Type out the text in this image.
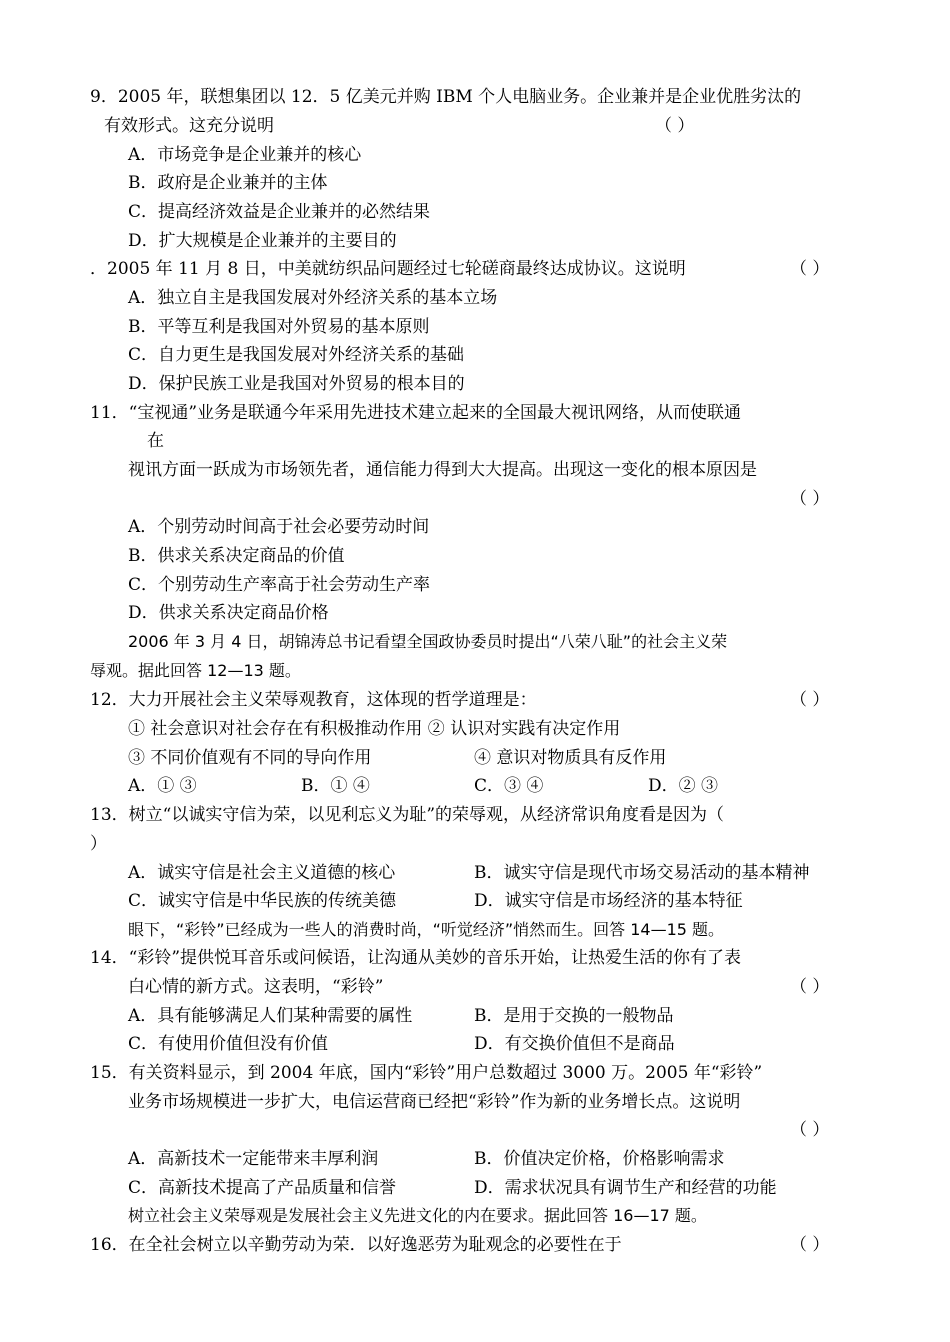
9．2005 年，联想集团以 12．5 亿美元并购 IBM 个人电脑业务。企业兼并是企业优胜劣汰的
有效形式。这充分说明	（ ）
A．市场竞争是企业兼并的核心
B．政府是企业兼并的主体
C．提高经济效益是企业兼并的必然结果
D．扩大规模是企业兼并的主要目的
．2005 年 11 月 8 日，中美就纺织品问题经过七轮磋商最终达成协议。这说明	（ ）
A．独立自主是我国发展对外经济关系的基本立场
B．平等互利是我国对外贸易的基本原则
C．自力更生是我国发展对外经济关系的基础
D．保护民族工业是我国对外贸易的根本目的
11．“宝视通”业务是联通今年采用先进技术建立起来的全国最大视讯网络，从而使联通
在
视讯方面一跃成为市场领先者，通信能力得到大大提高。出现这一变化的根本原因是
（ ）
A．个别劳动时间高于社会必要劳动时间
B．供求关系决定商品的价值
C．个别劳动生产率高于社会劳动生产率
D．供求关系决定商品价格
2006 年 3 月 4 日，胡锦涛总书记看望全国政协委员时提出“八荣八耻”的社会主义荣
辱观。据此回答 12—13 题。
12．大力开展社会主义荣辱观教育，这体现的哲学道理是：	（ ）
① 社会意识对社会存在有积极推动作用 ② 认识对实践有决定作用
③ 不同价值观有不同的导向作用	④ 意识对物质具有反作用
A．① ③	B．① ④	C．③ ④	D．② ③
13．树立“以诚实守信为荣，以见利忘义为耻”的荣辱观，从经济常识角度看是因为（
）
A．诚实守信是社会主义道德的核心	B．诚实守信是现代市场交易活动的基本精神
C．诚实守信是中华民族的传统美德	D．诚实守信是市场经济的基本特征
眼下，“彩铃”已经成为一些人的消费时尚，“听觉经济”悄然而生。回答 14—15 题。
14．“彩铃”提供悦耳音乐或问候语，让沟通从美妙的音乐开始，让热爱生活的你有了表
白心情的新方式。这表明，“彩铃”	（ ）
A．具有能够满足人们某种需要的属性	B．是用于交换的一般物品
C．有使用价值但没有价值	D．有交换价值但不是商品
15．有关资料显示，到 2004 年底，国内“彩铃”用户总数超过 3000 万。2005 年“彩铃”
业务市场规模进一步扩大，电信运营商已经把“彩铃”作为新的业务增长点。这说明
（ ）
A．高新技术一定能带来丰厚利润	B．价值决定价格，价格影响需求
C．高新技术提高了产品质量和信誉	D．需求状况具有调节生产和经营的功能
树立社会主义荣辱观是发展社会主义先进文化的内在要求。据此回答 16—17 题。
16．在全社会树立以辛勤劳动为荣．以好逸恶劳为耻观念的必要性在于	（ ）
